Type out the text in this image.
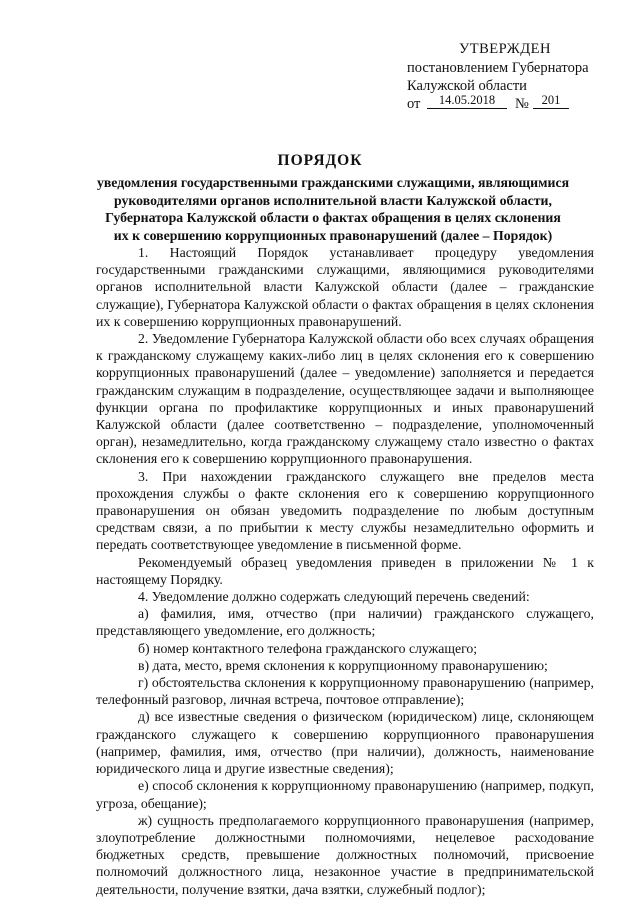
УТВЕРЖДЕН
постановлением Губернатора
Калужской области
от	14.05.2018	№	201
ПОРЯДОК
уведомления государственными гражданскими служащими, являющимися
руководителями органов исполнительной власти Калужской области,
Губернатора Калужской области о фактах обращения в целях склонения
их к совершению коррупционных правонарушений (далее – Порядок)

1. Настоящий Порядок устанавливает процедуру уведомления государственными гражданскими служащими, являющимися руководителями органов исполнительной власти Калужской области (далее – гражданские служащие), Губернатора Калужской области о фактах обращения в целях склонения их к совершению коррупционных правонарушений.

2. Уведомление Губернатора Калужской области обо всех случаях обращения к гражданскому служащему каких-либо лиц в целях склонения его к совершению коррупционных правонарушений (далее – уведомление) заполняется и передается гражданским служащим в подразделение, осуществляющее задачи и выполняющее функции органа по профилактике коррупционных и иных правонарушений Калужской области (далее соответственно – подразделение, уполномоченный орган), незамедлительно, когда гражданскому служащему стало известно о фактах склонения его к совершению коррупционного правонарушения.

3. При нахождении гражданского служащего вне пределов места прохождения службы о факте склонения его к совершению коррупционного правонарушения он обязан уведомить подразделение по любым доступным средствам связи, а по прибытии к месту службы незамедлительно оформить и передать соответствующее уведомление в письменной форме.

Рекомендуемый образец уведомления приведен в приложении № 1 к настоящему Порядку.

4. Уведомление должно содержать следующий перечень сведений:

а) фамилия, имя, отчество (при наличии) гражданского служащего, представляющего уведомление, его должность;

б) номер контактного телефона гражданского служащего;

в) дата, место, время склонения к коррупционному правонарушению;

г) обстоятельства склонения к коррупционному правонарушению (например, телефонный разговор, личная встреча, почтовое отправление);

д) все известные сведения о физическом (юридическом) лице, склоняющем гражданского служащего к совершению коррупционного правонарушения (например, фамилия, имя, отчество (при наличии), должность, наименование юридического лица и другие известные сведения);

е) способ склонения к коррупционному правонарушению (например, подкуп, угроза, обещание);

ж) сущность предполагаемого коррупционного правонарушения (например, злоупотребление должностными полномочиями, нецелевое расходование бюджетных средств, превышение должностных полномочий, присвоение полномочий должностного лица, незаконное участие в предпринимательской деятельности, получение взятки, дача взятки, служебный подлог);
